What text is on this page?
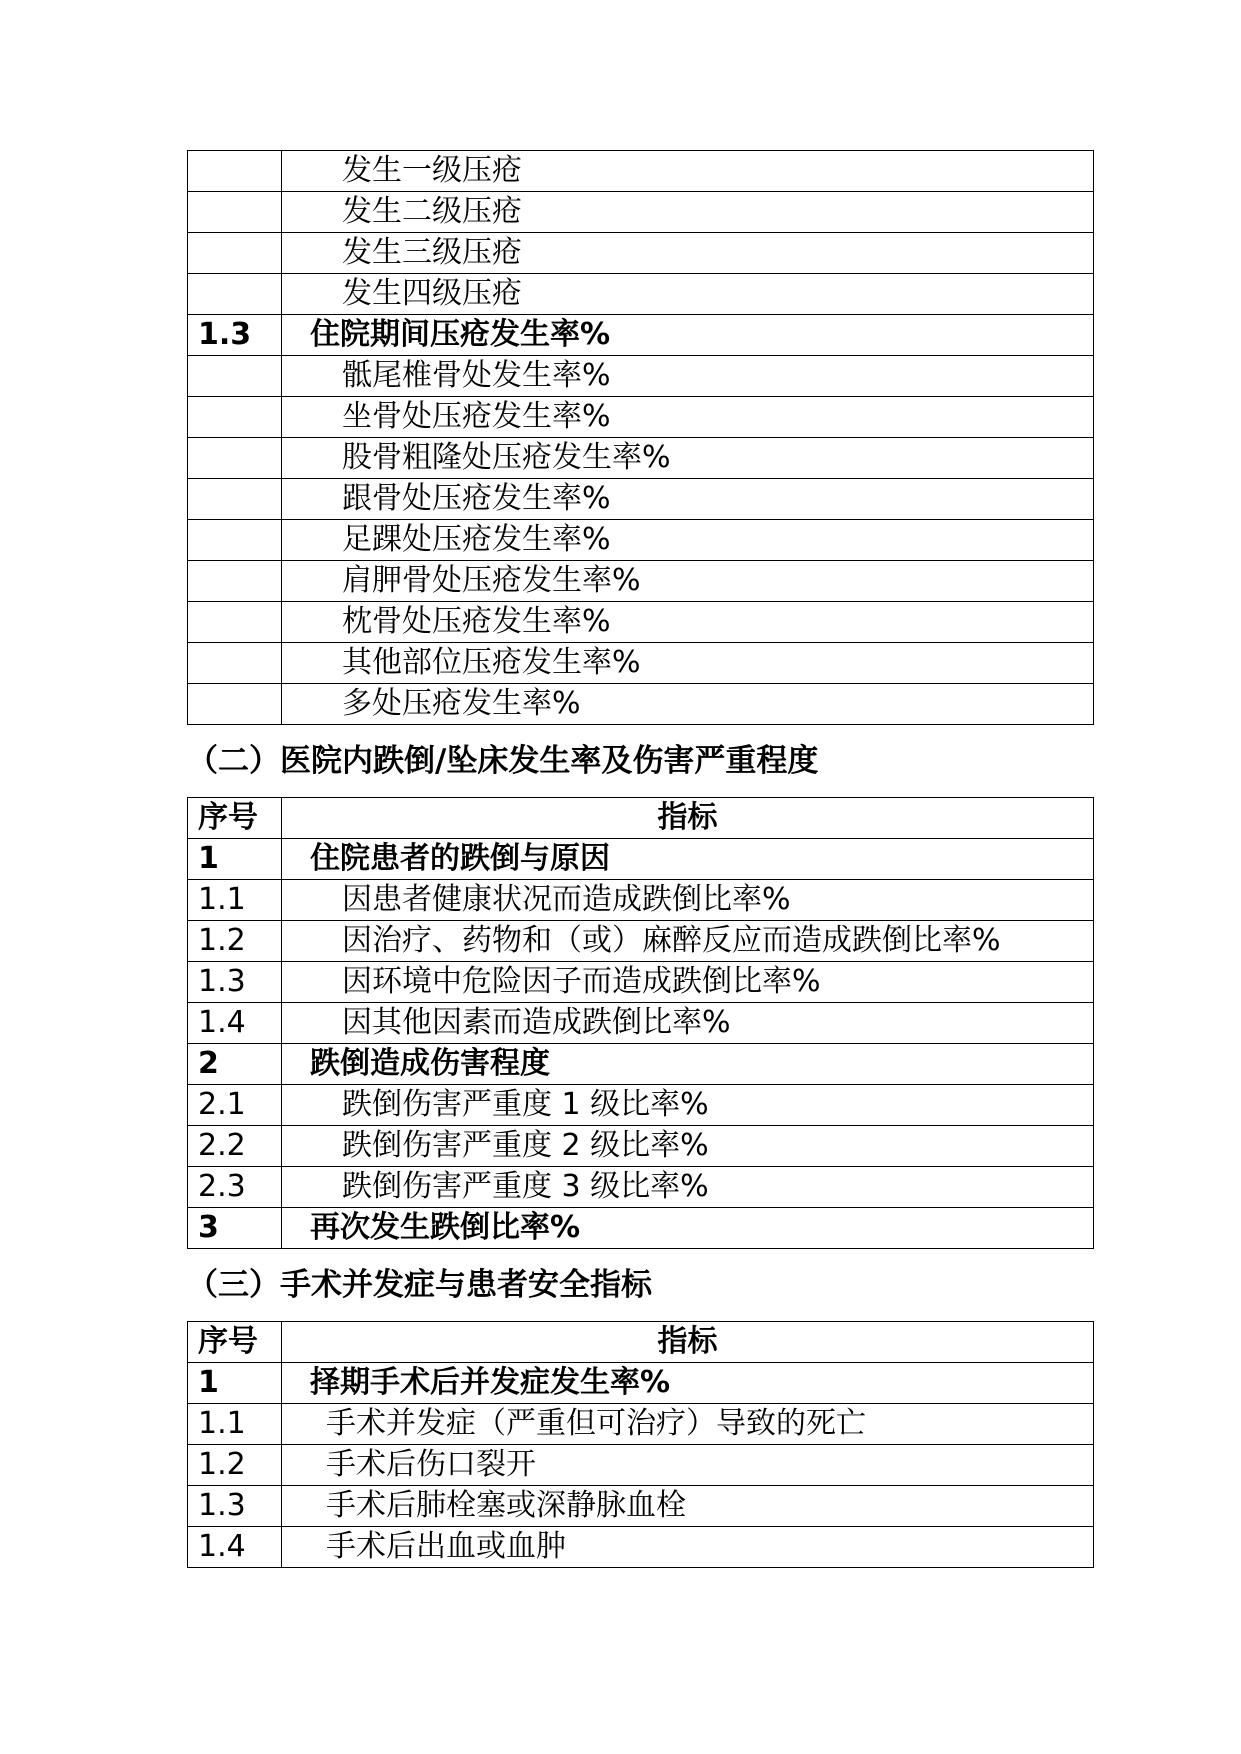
	发生一级压疮
	发生二级压疮
	发生三级压疮
	发生四级压疮
1.3	住院期间压疮发生率%
	骶尾椎骨处发生率%
	坐骨处压疮发生率%
	股骨粗隆处压疮发生率%
	跟骨处压疮发生率%
	足踝处压疮发生率%
	肩胛骨处压疮发生率%
	枕骨处压疮发生率%
	其他部位压疮发生率%
	多处压疮发生率%
（二）医院内跌倒/坠床发生率及伤害严重程度
序号	指标
1	住院患者的跌倒与原因
1.1	因患者健康状况而造成跌倒比率%
1.2	因治疗、药物和（或）麻醉反应而造成跌倒比率%
1.3	因环境中危险因子而造成跌倒比率%
1.4	因其他因素而造成跌倒比率%
2	跌倒造成伤害程度
2.1	跌倒伤害严重度 1 级比率%
2.2	跌倒伤害严重度 2 级比率%
2.3	跌倒伤害严重度 3 级比率%
3	再次发生跌倒比率%
（三）手术并发症与患者安全指标
序号	指标
1	择期手术后并发症发生率%
1.1	手术并发症（严重但可治疗）导致的死亡
1.2	手术后伤口裂开
1.3	手术后肺栓塞或深静脉血栓
1.4	手术后出血或血肿
